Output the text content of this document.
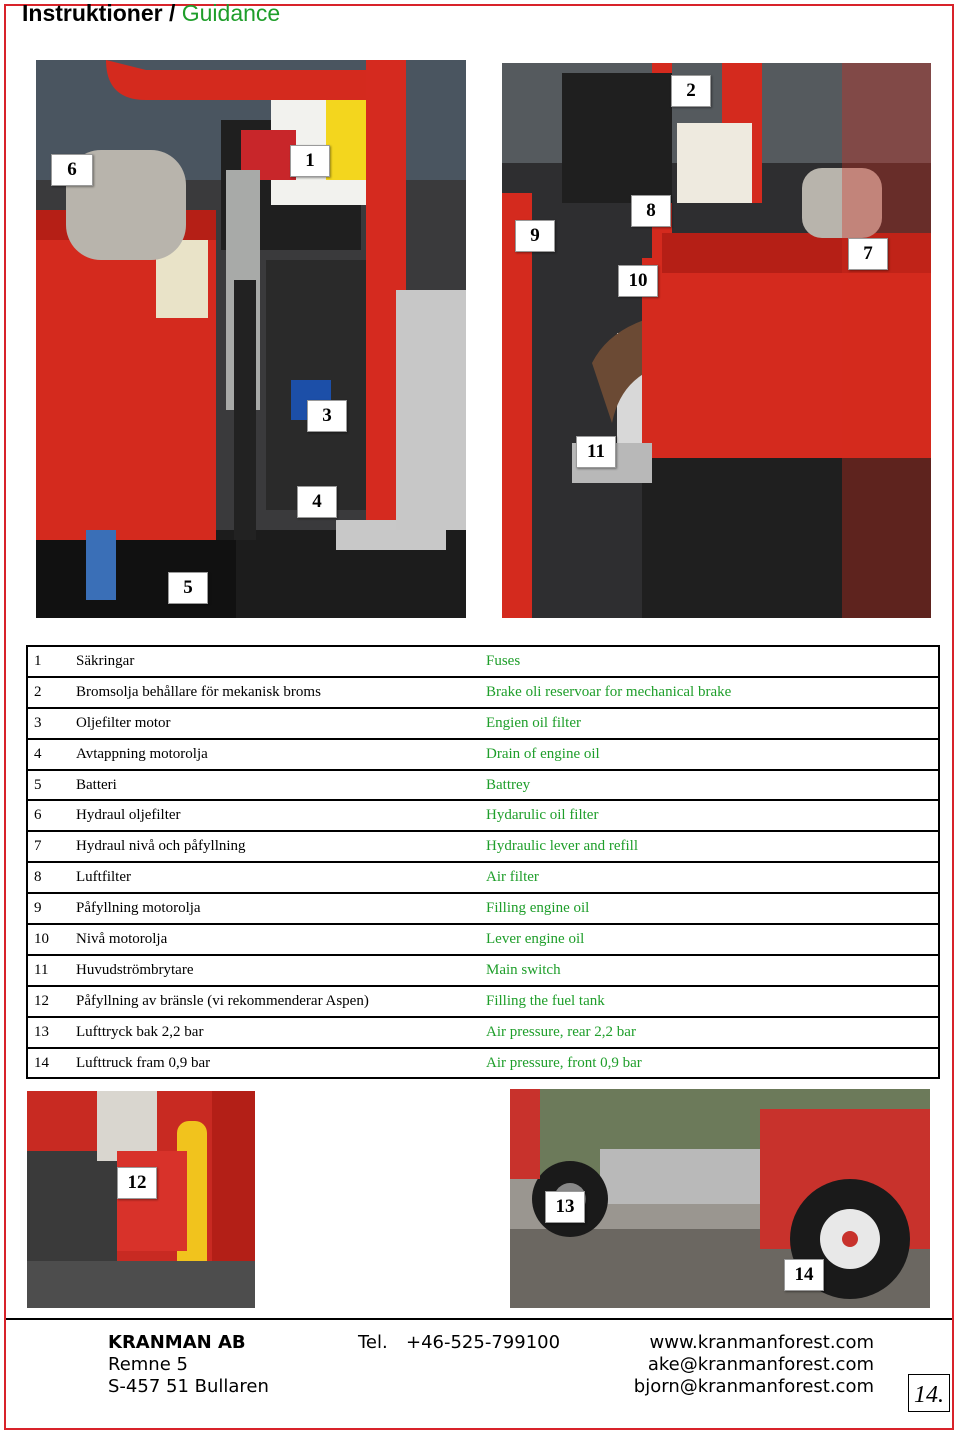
Instruktioner / Guidance
6	1
3
4
5
2
8
9
7
10
11
12
13
14
1	Säkringar	Fuses
2	Bromsolja behållare för mekanisk broms	Brake oli reservoar for mechanical brake
3	Oljefilter motor	Engien oil filter
4	Avtappning motorolja	Drain of engine oil
5	Batteri	Battrey
6	Hydraul oljefilter	Hydarulic oil filter
7	Hydraul nivå och påfyllning	Hydraulic lever and refill
8	Luftfilter	Air filter
9	Påfyllning motorolja	Filling engine oil
10	Nivå motorolja	Lever engine oil
11	Huvudströmbrytare	Main switch
12	Påfyllning av bränsle (vi rekommenderar Aspen)	Filling the fuel tank
13	Lufttryck bak 2,2 bar	Air pressure, rear 2,2 bar
14	Lufttruck fram 0,9 bar	Air pressure, front 0,9 bar
KRANMAN AB
Remne 5
S-457 51 Bullaren
Tel. +46-525-799100	www.kranmanforest.com
ake@kranmanforest.com
bjorn@kranmanforest.com 14.
